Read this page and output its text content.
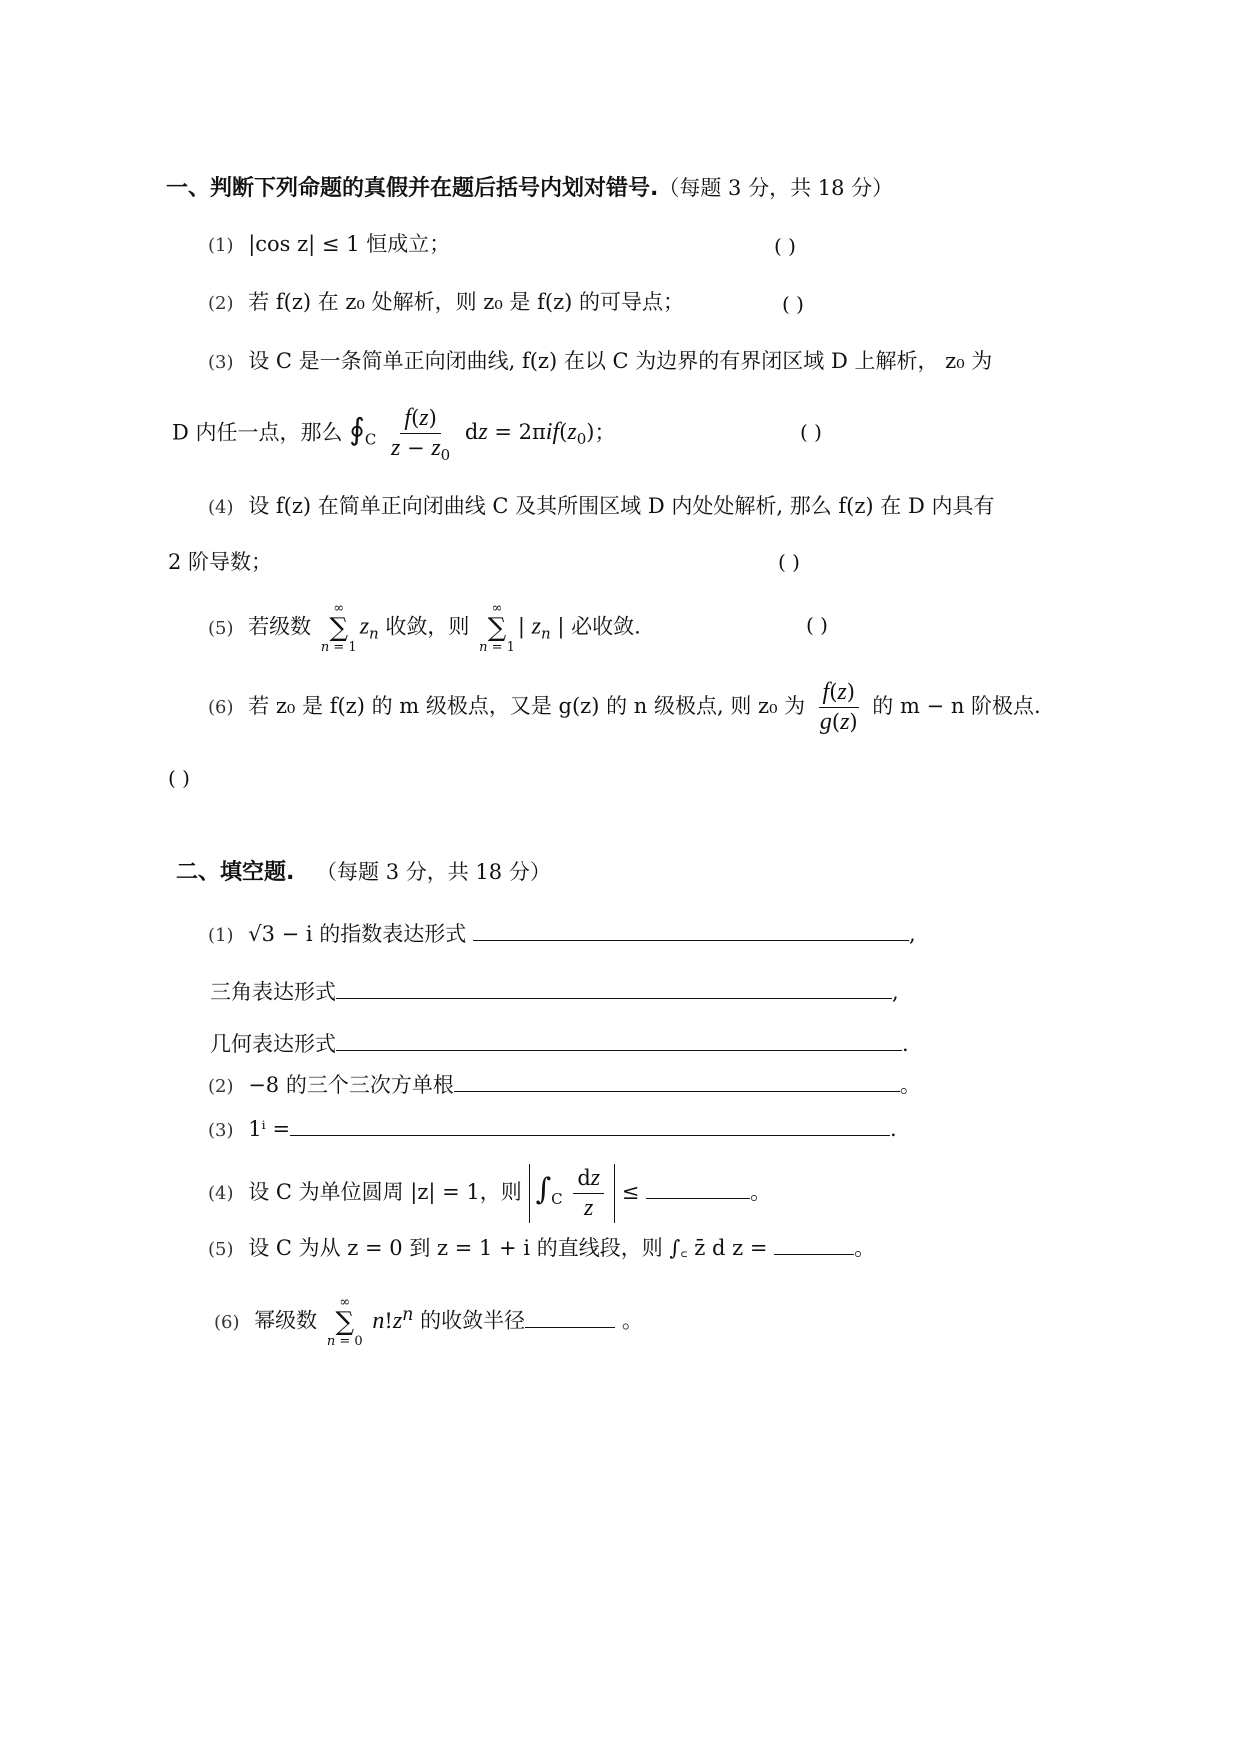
一、判断下列命题的真假并在题后括号内划对错号.（每题 3 分，共 18 分）
(1) |cos z| ≤ 1 恒成立；	( )
(2) 若 f(z) 在 z₀ 处解析，则 z₀ 是 f(z) 的可导点；	( )
(3) 设 C 是一条简单正向闭曲线, f(z) 在以 C 为边界的有界闭区域 D 上解析， z₀ 为
D 内任一点，那么 $∮_C \frac{f(z)}{z - z_0}$ dz = $2\pi if(z_0)$；	( )
(4) 设 f(z) 在简单正向闭曲线 C 及其所围区域 D 内处处解析, 那么 f(z) 在 D 内具有
2 阶导数；	( )
(5) 若级数
∞
∑
n = 1
$z_n$ 收敛，则
∞
∑
n = 1
| $z_n$ | 必收敛.	( )
(6) 若 z₀ 是 f(z) 的 m 级极点，又是 g(z) 的 n 级极点, 则 z₀ 为 $\frac{f(z)}{g(z)}$ 的 m − n 阶极点.
( )
二、填空题. （每题 3 分，共 18 分）
(1) √3 − i 的指数表达形式	,
三角表达形式	,
几何表达形式	.
(2) −8 的三个三次方单根	。
(3) 1ⁱ =	.
(4) 设 C 为单位圆周 |z| = 1，则 $\int_C \frac{dz}{z}$ ≤	。
(5) 设 C 为从 z = 0 到 z = 1 + i 的直线段，则 ∫꜀ z̄ d z =	。
(6) 幂级数
∞
∑
n = 0
$n!z^n$ 的收敛半径	。
